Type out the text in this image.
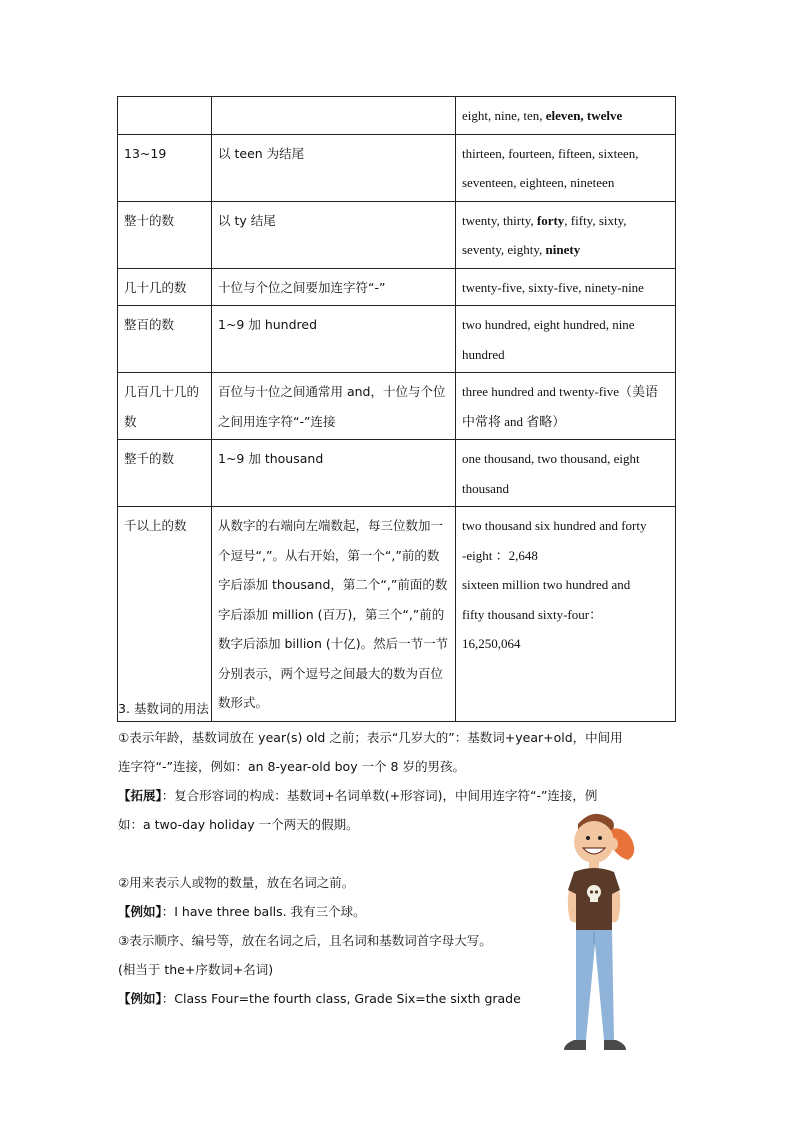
		eight, nine, ten, eleven, twelve
13~19	以 teen 为结尾	thirteen, fourteen, fifteen, sixteen, seventeen, eighteen, nineteen
整十的数	以 ty 结尾	twenty, thirty, forty, fifty, sixty, seventy, eighty, ninety
几十几的数	十位与个位之间要加连字符“-”	twenty-five, sixty-five, ninety-nine
整百的数	1~9 加 hundred	two hundred, eight hundred, nine hundred
几百几十几的数	百位与十位之间通常用 and，十位与个位之间用连字符“-”连接	three hundred and twenty-five（美语中常将 and 省略）
整千的数	1~9 加 thousand	one thousand, two thousand, eight thousand
千以上的数	从数字的右端向左端数起，每三位数加一个逗号“,”。从右开始，第一个“,”前的数字后添加 thousand，第二个“,”前面的数字后添加 million (百万)，第三个“,”前的数字后添加 billion (十亿)。然后一节一节分别表示，两个逗号之间最大的数为百位数形式。	two thousand six hundred and forty
-eight ：2,648
sixteen million two hundred and
fifty thousand sixty-four：
16,250,064

3. 基数词的用法

①表示年龄，基数词放在 year(s) old 之前；表示“几岁大的”：基数词+year+old，中间用

连字符“-”连接，例如：an 8-year-old boy 一个 8 岁的男孩。

【拓展】：复合形容词的构成：基数词+名词单数(+形容词)，中间用连字符“-”连接，例

如：a two-day holiday 一个两天的假期。

②用来表示人或物的数量，放在名词之前。

【例如】：I have three balls. 我有三个球。

③表示顺序、编号等，放在名词之后，且名词和基数词首字母大写。

(相当于 the+序数词+名词)

【例如】：Class Four=the fourth class, Grade Six=the sixth grade
